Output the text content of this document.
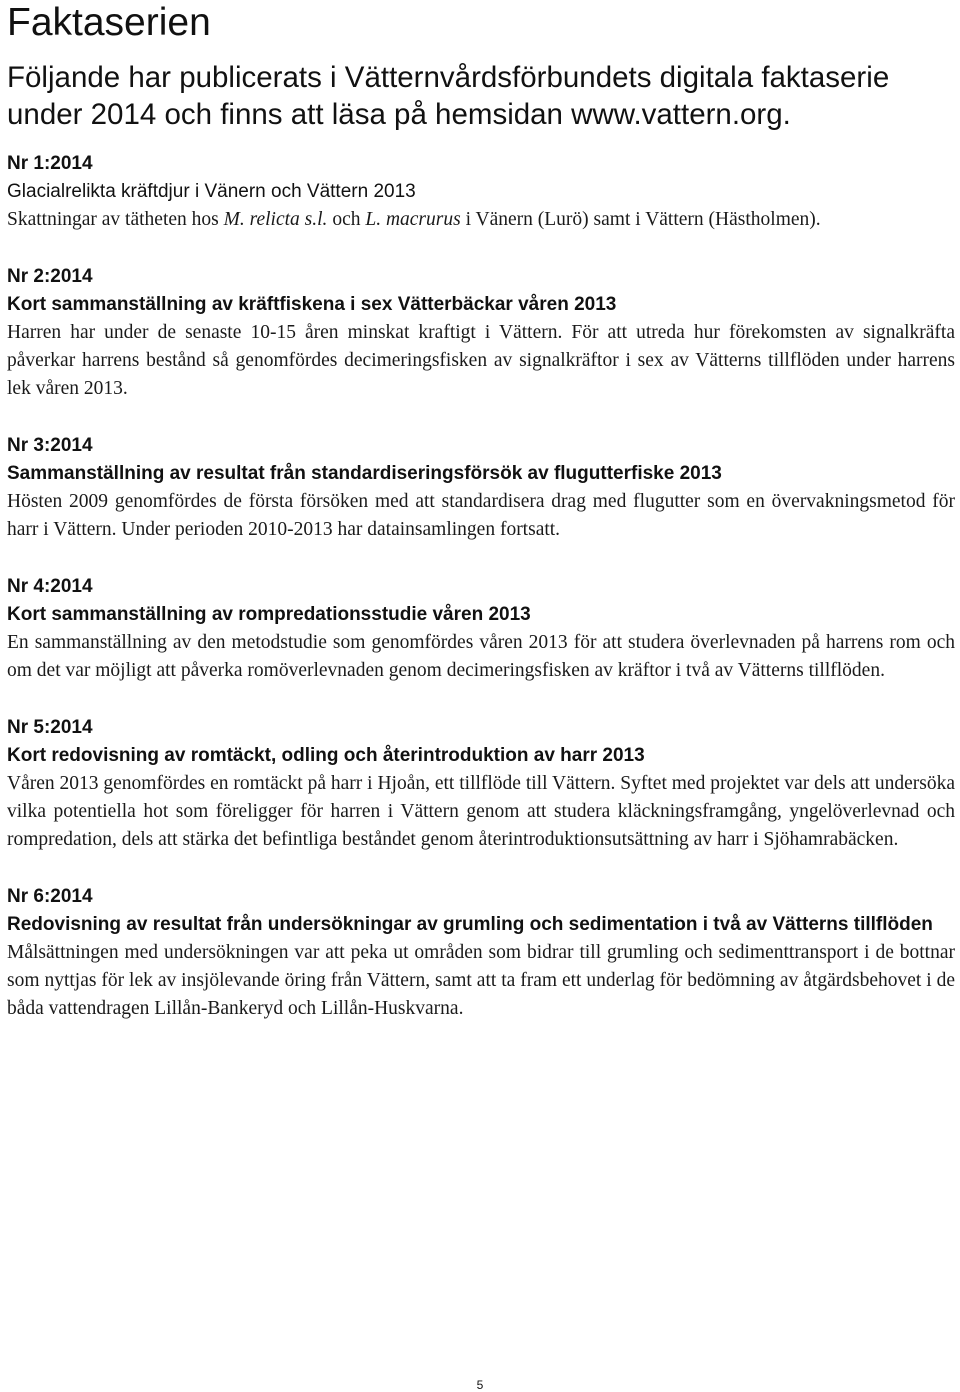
Faktaserien

Följande har publicerats i Vätternvårdsförbundets digitala faktaserie under 2014 och finns att läsa på hemsidan www.vattern.org.

Nr 1:2014

Glacialrelikta kräftdjur i Vänern och Vättern 2013

Skattningar av tätheten hos M. relicta s.l. och L. macrurus i Vänern (Lurö) samt i Vättern (Hästholmen).

Nr 2:2014

Kort sammanställning av kräftfiskena i sex Vätterbäckar våren 2013

Harren har under de senaste 10-15 åren minskat kraftigt i Vättern. För att utreda hur förekomsten av signalkräfta påverkar harrens bestånd så genomfördes decimeringsfisken av signalkräftor i sex av Vätterns tillflöden under harrens lek våren 2013.

Nr 3:2014

Sammanställning av resultat från standardiseringsförsök av flugutterfiske 2013

Hösten 2009 genomfördes de första försöken med att standardisera drag med flugutter som en övervakningsmetod för harr i Vättern. Under perioden 2010-2013 har datainsamlingen fortsatt.

Nr 4:2014

Kort sammanställning av rompredationsstudie våren 2013

En sammanställning av den metodstudie som genomfördes våren 2013 för att studera överlevnaden på harrens rom och om det var möjligt att påverka romöverlevnaden genom decimeringsfisken av kräftor i två av Vätterns tillflöden.

Nr 5:2014

Kort redovisning av romtäckt, odling och återintroduktion av harr 2013

Våren 2013 genomfördes en romtäckt på harr i Hjoån, ett tillflöde till Vättern. Syftet med projektet var dels att undersöka vilka potentiella hot som föreligger för harren i Vättern genom att studera kläckningsframgång, yngelöverlevnad och rompredation, dels att stärka det befintliga beståndet genom återintroduktionsutsättning av harr i Sjöhamrabäcken.

Nr 6:2014

Redovisning av resultat från undersökningar av grumling och sedimentation i två av Vätterns tillflöden

Målsättningen med undersökningen var att peka ut områden som bidrar till grumling och sedimenttransport i de bottnar som nyttjas för lek av insjölevande öring från Vättern, samt att ta fram ett underlag för bedömning av åtgärdsbehovet i de båda vattendragen Lillån-Bankeryd och Lillån-Huskvarna.

5
